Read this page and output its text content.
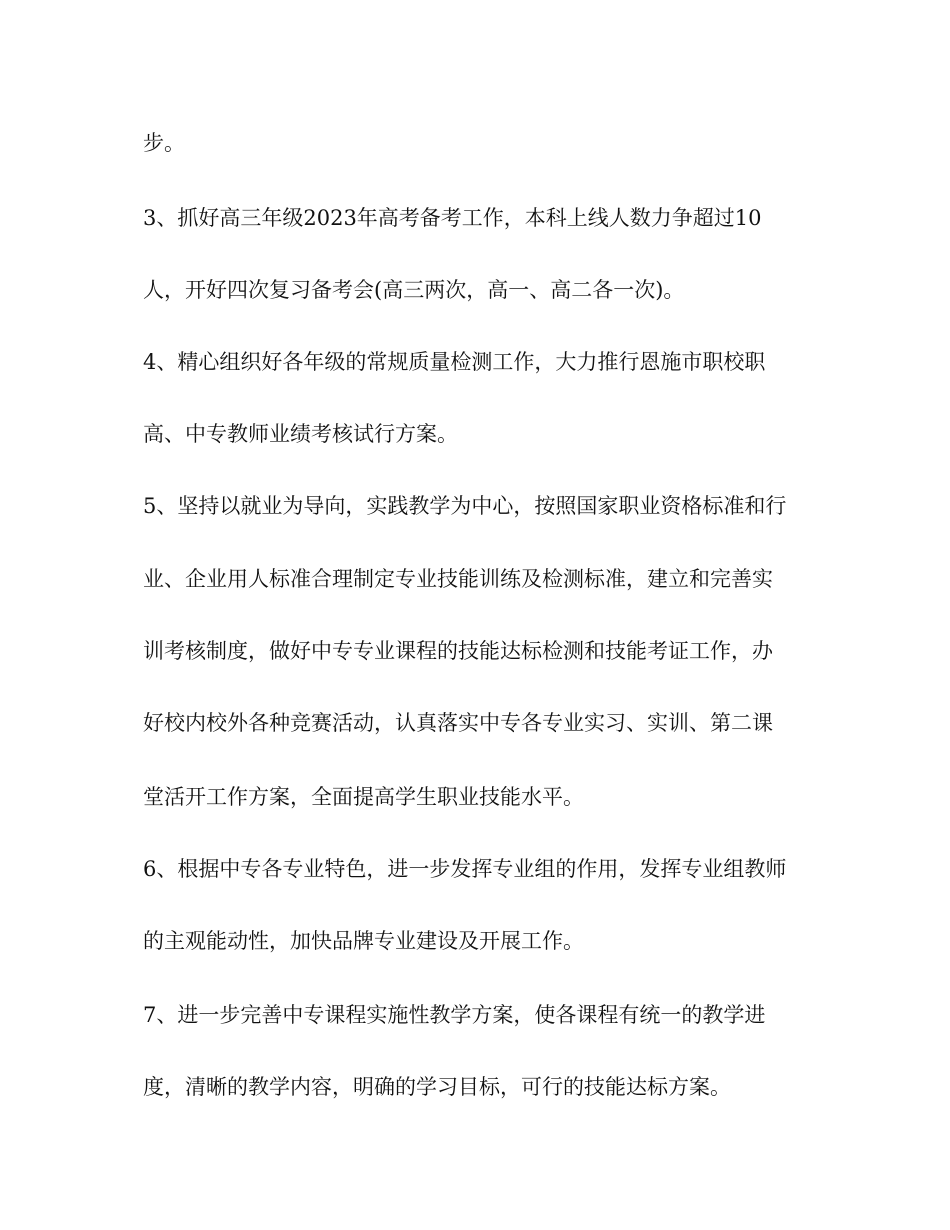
步。
3、抓好高三年级2023年高考备考工作，本科上线人数力争超过10
人，开好四次复习备考会(高三两次，高一、高二各一次)。
4、精心组织好各年级的常规质量检测工作，大力推行恩施市职校职
高、中专教师业绩考核试行方案。
5、坚持以就业为导向，实践教学为中心，按照国家职业资格标准和行
业、企业用人标准合理制定专业技能训练及检测标准，建立和完善实
训考核制度，做好中专专业课程的技能达标检测和技能考证工作，办
好校内校外各种竞赛活动，认真落实中专各专业实习、实训、第二课
堂活开工作方案，全面提高学生职业技能水平。
6、根据中专各专业特色，进一步发挥专业组的作用，发挥专业组教师
的主观能动性，加快品牌专业建设及开展工作。
7、进一步完善中专课程实施性教学方案，使各课程有统一的教学进
度，清晰的教学内容，明确的学习目标，可行的技能达标方案。
